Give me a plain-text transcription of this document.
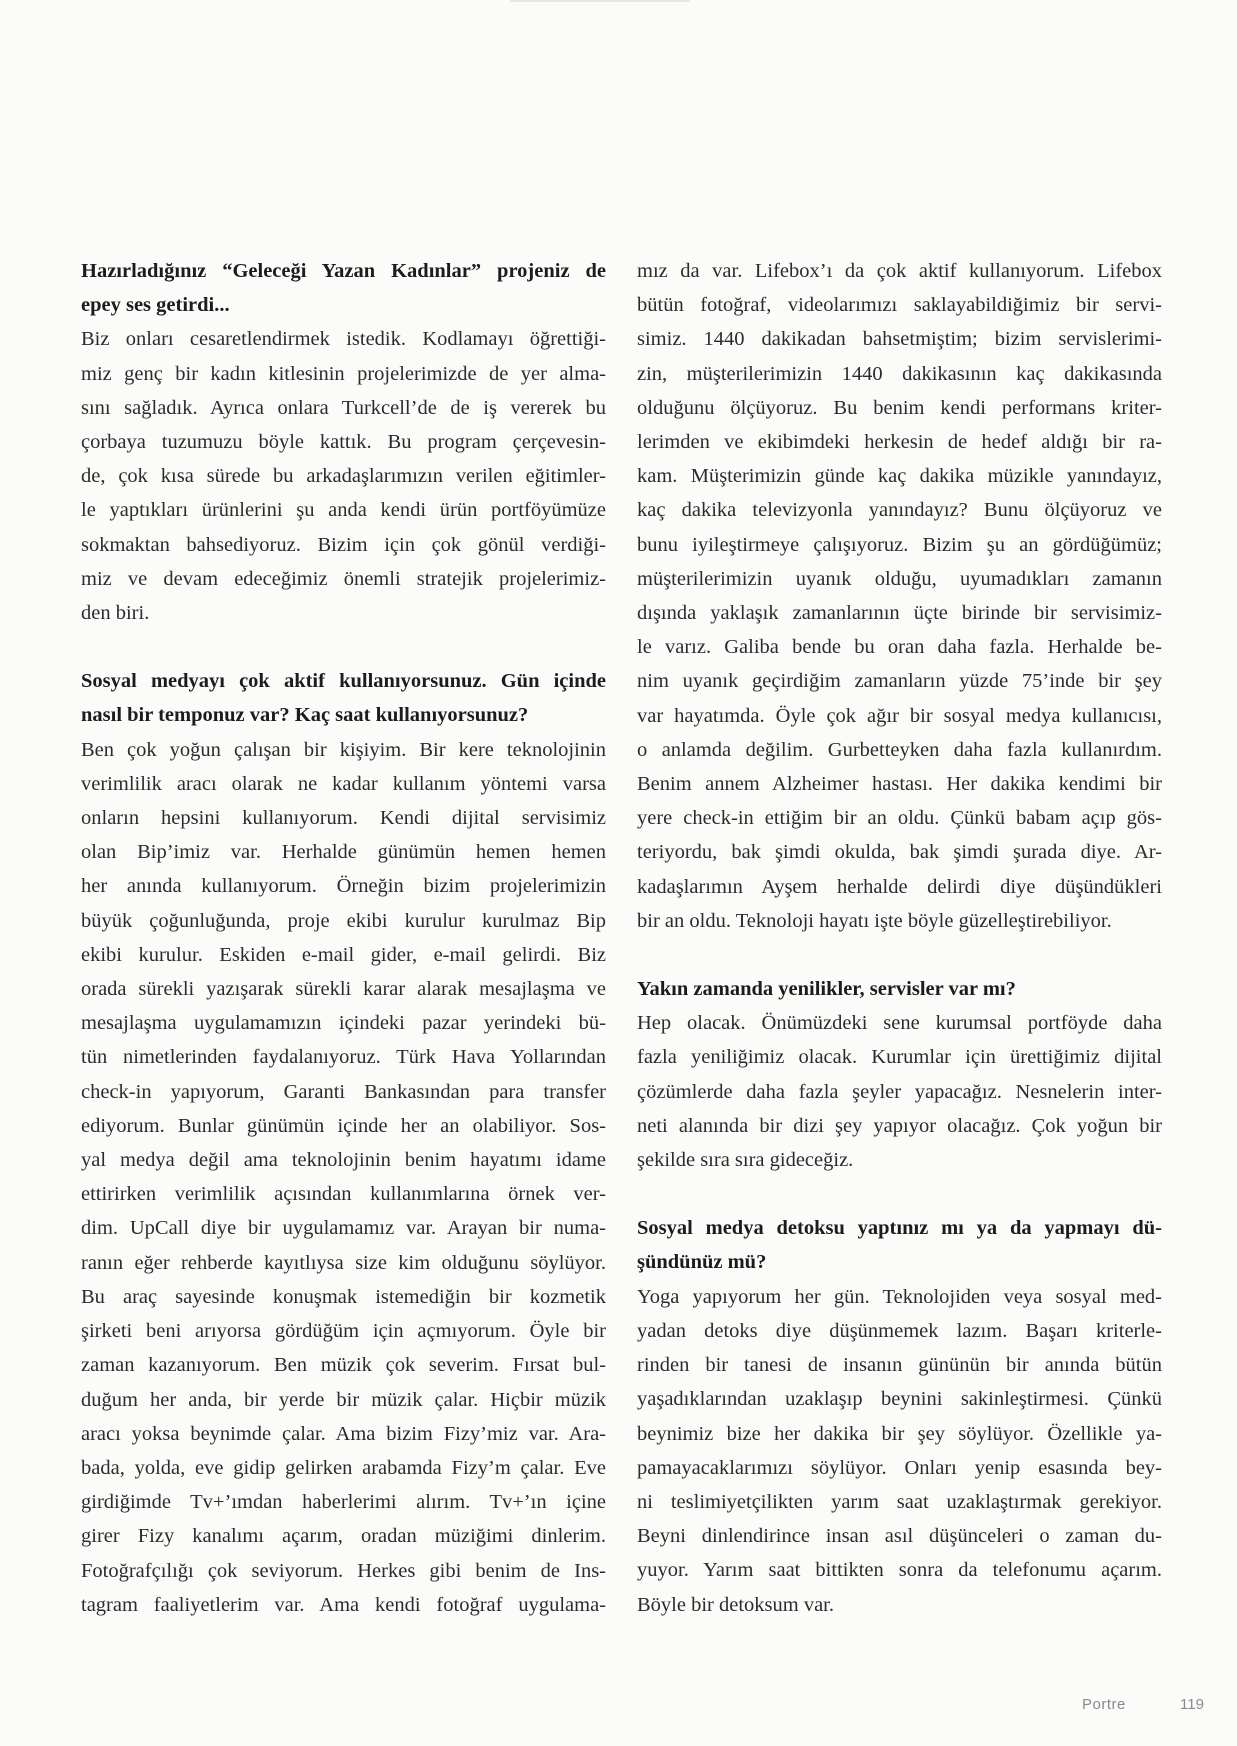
Hazırladığınız “Geleceği Yazan Kadınlar” projeniz de
epey ses getirdi...

Biz onları cesaretlendirmek istedik. Kodlamayı öğrettiği-
miz genç bir kadın kitlesinin projelerimizde de yer alma-
sını sağladık. Ayrıca onlara Turkcell’de de iş vererek bu
çorbaya tuzumuzu böyle kattık. Bu program çerçevesin-
de, çok kısa sürede bu arkadaşlarımızın verilen eğitimler-
le yaptıkları ürünlerini şu anda kendi ürün portföyümüze
sokmaktan bahsediyoruz. Bizim için çok gönül verdiği-
miz ve devam edeceğimiz önemli stratejik projelerimiz-
den biri.

Sosyal medyayı çok aktif kullanıyorsunuz. Gün içinde
nasıl bir temponuz var? Kaç saat kullanıyorsunuz?

Ben çok yoğun çalışan bir kişiyim. Bir kere teknolojinin
verimlilik aracı olarak ne kadar kullanım yöntemi varsa
onların hepsini kullanıyorum. Kendi dijital servisimiz
olan Bip’imiz var. Herhalde günümün hemen hemen
her anında kullanıyorum. Örneğin bizim projelerimizin
büyük çoğunluğunda, proje ekibi kurulur kurulmaz Bip
ekibi kurulur. Eskiden e-mail gider, e-mail gelirdi. Biz
orada sürekli yazışarak sürekli karar alarak mesajlaşma ve
mesajlaşma uygulamamızın içindeki pazar yerindeki bü-
tün nimetlerinden faydalanıyoruz. Türk Hava Yollarından
check-in yapıyorum, Garanti Bankasından para transfer
ediyorum. Bunlar günümün içinde her an olabiliyor. Sos-
yal medya değil ama teknolojinin benim hayatımı idame
ettirirken verimlilik açısından kullanımlarına örnek ver-
dim. UpCall diye bir uygulamamız var. Arayan bir numa-
ranın eğer rehberde kayıtlıysa size kim olduğunu söylüyor.
Bu araç sayesinde konuşmak istemediğin bir kozmetik
şirketi beni arıyorsa gördüğüm için açmıyorum. Öyle bir
zaman kazanıyorum. Ben müzik çok severim. Fırsat bul-
duğum her anda, bir yerde bir müzik çalar. Hiçbir müzik
aracı yoksa beynimde çalar. Ama bizim Fizy’miz var. Ara-
bada, yolda, eve gidip gelirken arabamda Fizy’m çalar. Eve
girdiğimde Tv+’ımdan haberlerimi alırım. Tv+’ın içine
girer Fizy kanalımı açarım, oradan müziğimi dinlerim.
Fotoğrafçılığı çok seviyorum. Herkes gibi benim de Ins-
tagram faaliyetlerim var. Ama kendi fotoğraf uygulama-

mız da var. Lifebox’ı da çok aktif kullanıyorum. Lifebox
bütün fotoğraf, videolarımızı saklayabildiğimiz bir servi-
simiz. 1440 dakikadan bahsetmiştim; bizim servislerimi-
zin, müşterilerimizin 1440 dakikasının kaç dakikasında
olduğunu ölçüyoruz. Bu benim kendi performans kriter-
lerimden ve ekibimdeki herkesin de hedef aldığı bir ra-
kam. Müşterimizin günde kaç dakika müzikle yanındayız,
kaç dakika televizyonla yanındayız? Bunu ölçüyoruz ve
bunu iyileştirmeye çalışıyoruz. Bizim şu an gördüğümüz;
müşterilerimizin uyanık olduğu, uyumadıkları zamanın
dışında yaklaşık zamanlarının üçte birinde bir servisimiz-
le varız. Galiba bende bu oran daha fazla. Herhalde be-
nim uyanık geçirdiğim zamanların yüzde 75’inde bir şey
var hayatımda. Öyle çok ağır bir sosyal medya kullanıcısı,
o anlamda değilim. Gurbetteyken daha fazla kullanırdım.
Benim annem Alzheimer hastası. Her dakika kendimi bir
yere check-in ettiğim bir an oldu. Çünkü babam açıp gös-
teriyordu, bak şimdi okulda, bak şimdi şurada diye. Ar-
kadaşlarımın Ayşem herhalde delirdi diye düşündükleri
bir an oldu. Teknoloji hayatı işte böyle güzelleştirebiliyor.

Yakın zamanda yenilikler, servisler var mı?

Hep olacak. Önümüzdeki sene kurumsal portföyde daha
fazla yeniliğimiz olacak. Kurumlar için ürettiğimiz dijital
çözümlerde daha fazla şeyler yapacağız. Nesnelerin inter-
neti alanında bir dizi şey yapıyor olacağız. Çok yoğun bir
şekilde sıra sıra gideceğiz.

Sosyal medya detoksu yaptınız mı ya da yapmayı dü-
şündünüz mü?

Yoga yapıyorum her gün. Teknolojiden veya sosyal med-
yadan detoks diye düşünmemek lazım. Başarı kriterle-
rinden bir tanesi de insanın gününün bir anında bütün
yaşadıklarından uzaklaşıp beynini sakinleştirmesi. Çünkü
beynimiz bize her dakika bir şey söylüyor. Özellikle ya-
pamayacaklarımızı söylüyor. Onları yenip esasında bey-
ni teslimiyetçilikten yarım saat uzaklaştırmak gerekiyor.
Beyni dinlendirince insan asıl düşünceleri o zaman du-
yuyor. Yarım saat bittikten sonra da telefonumu açarım.
Böyle bir detoksum var.

Portre	119
